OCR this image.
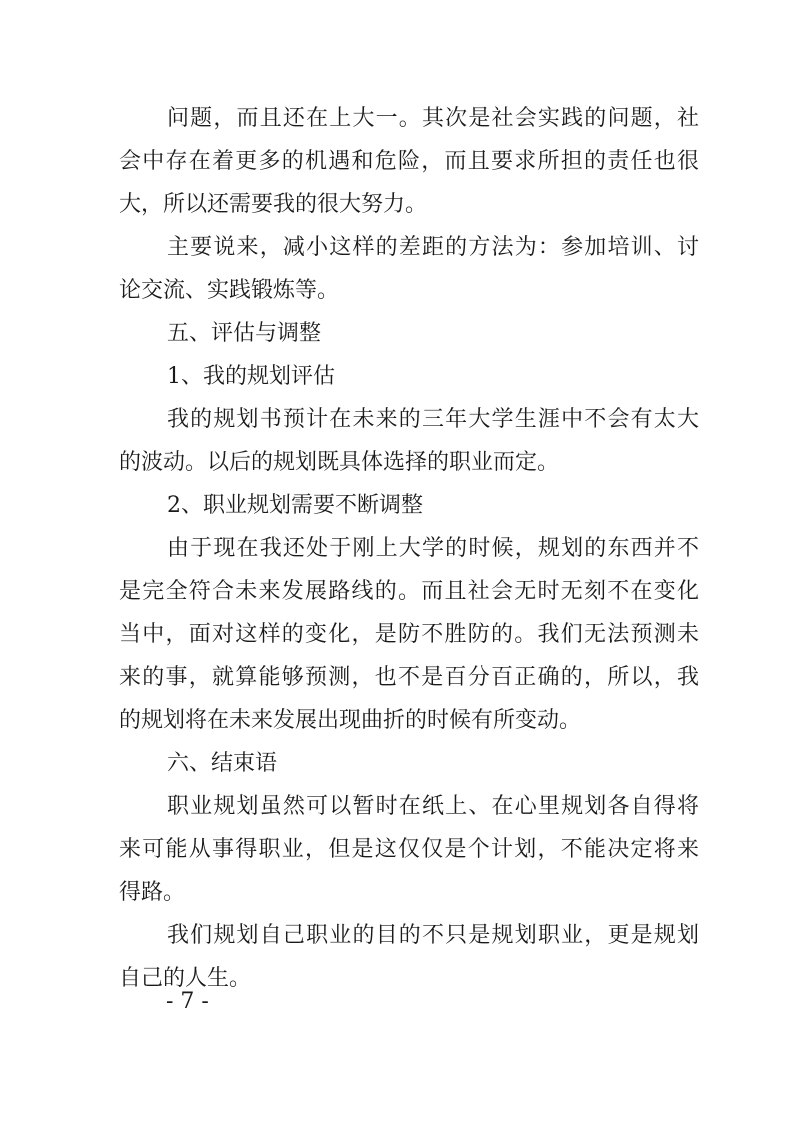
问题，而且还在上大一。其次是社会实践的问题，社
会中存在着更多的机遇和危险，而且要求所担的责任也很
大，所以还需要我的很大努力。
主要说来，减小这样的差距的方法为：参加培训、讨
论交流、实践锻炼等。
五、评估与调整
1、我的规划评估
我的规划书预计在未来的三年大学生涯中不会有太大
的波动。以后的规划既具体选择的职业而定。
2、职业规划需要不断调整
由于现在我还处于刚上大学的时候，规划的东西并不
是完全符合未来发展路线的。而且社会无时无刻不在变化
当中，面对这样的变化，是防不胜防的。我们无法预测未
来的事，就算能够预测，也不是百分百正确的，所以，我
的规划将在未来发展出现曲折的时候有所变动。
六、结束语
职业规划虽然可以暂时在纸上、在心里规划各自得将
来可能从事得职业，但是这仅仅是个计划，不能决定将来
得路。
我们规划自己职业的目的不只是规划职业，更是规划
自己的人生。
- 7 -
